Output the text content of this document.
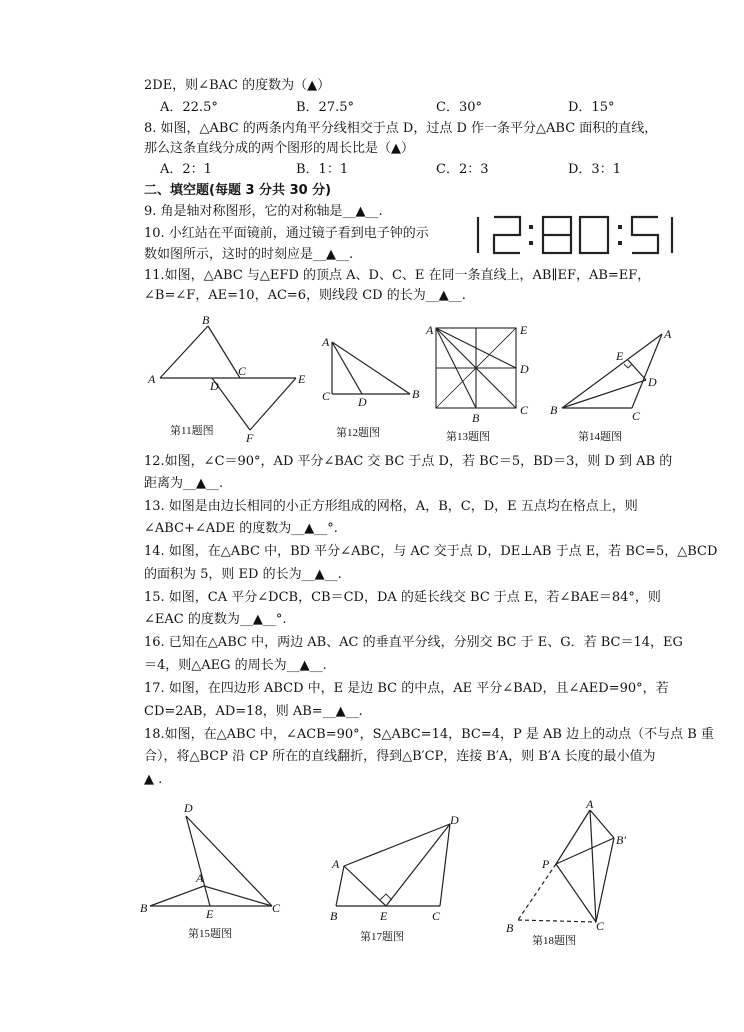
2DE，则∠BAC 的度数为（▲）
A．22.5°	B．27.5°	C．30°	D．15°
8. 如图，△ABC 的两条内角平分线相交于点 D，过点 D 作一条平分△ABC 面积的直线，
那么这条直线分成的两个图形的周长比是（▲）
A．2：1	B．1：1	C．2：3	D．3：1
二、填空题(每题 3 分共 30 分)
9. 角是轴对称图形，它的对称轴是__▲__.
10. 小红站在平面镜前，通过镜子看到电子钟的示
数如图所示，这时的时刻应是__▲__.
11.如图，△ABC 与△EFD 的顶点 A、D、C、E 在同一条直线上，AB∥EF，AB=EF，
∠B=∠F，AE=10，AC=6，则线段 CD 的长为__▲__.
A
B
C
D	E
F
第11题图
A
C D
B
第12题图
A	E
D
C
B
第13题图
A
B	C
D
E
第14题图
12.如图，∠C＝90°，AD 平分∠BAC 交 BC 于点 D，若 BC＝5，BD＝3，则 D 到 AB 的
距离为__▲__.
13. 如图是由边长相同的小正方形组成的网格，A，B，C，D，E 五点均在格点上，则
∠ABC+∠ADE 的度数为__▲__°.
14. 如图，在△ABC 中，BD 平分∠ABC，与 AC 交于点 D，DE⊥AB 于点 E，若 BC=5，△BCD
的面积为 5，则 ED 的长为__▲__.
15. 如图，CA 平分∠DCB，CB＝CD，DA 的延长线交 BC 于点 E，若∠BAE＝84°，则
∠EAC 的度数为__▲__°.
16. 已知在△ABC 中，两边 AB、AC 的垂直平分线，分别交 BC 于 E、G．若 BC＝14，EG
＝4，则△AEG 的周长为__▲__.
17. 如图，在四边形 ABCD 中，E 是边 BC 的中点，AE 平分∠BAD，且∠AED=90°，若
CD=2AB，AD=18，则 AB=__▲__.
18.如图，在△ABC 中，∠ACB=90°，S△ABC=14，BC=4，P 是 AB 边上的动点（不与点 B 重
合），将△BCP 沿 CP 所在的直线翻折，得到△B′CP，连接 B′A，则 B′A 长度的最小值为
▲ .
D
A
B	E	C
第15题图
A
D
B	E	C
第17题图
A
B′
P
B	C
第18题图
